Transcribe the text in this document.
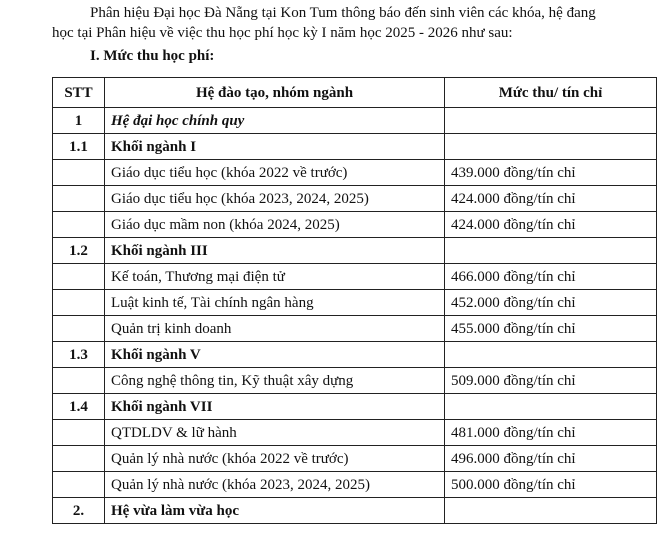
Phân hiệu Đại học Đà Nẵng tại Kon Tum thông báo đến sinh viên các khóa, hệ đang
học tại Phân hiệu về việc thu học phí học kỳ I năm học 2025 - 2026 như sau:
I. Mức thu học phí:
STT	Hệ đào tạo, nhóm ngành	Mức thu/ tín chỉ
1	Hệ đại học chính quy	
1.1	Khối ngành I	
	Giáo dục tiểu học (khóa 2022 về trước)	439.000 đồng/tín chỉ
	Giáo dục tiểu học (khóa 2023, 2024, 2025)	424.000 đồng/tín chỉ
	Giáo dục mầm non (khóa 2024, 2025)	424.000 đồng/tín chỉ
1.2	Khối ngành III	
	Kế toán, Thương mại điện tử	466.000 đồng/tín chỉ
	Luật kinh tế, Tài chính ngân hàng	452.000 đồng/tín chỉ
	Quản trị kinh doanh	455.000 đồng/tín chỉ
1.3	Khối ngành V	
	Công nghệ thông tin, Kỹ thuật xây dựng	509.000 đồng/tín chỉ
1.4	Khối ngành VII	
	QTDLDV & lữ hành	481.000 đồng/tín chỉ
	Quản lý nhà nước (khóa 2022 về trước)	496.000 đồng/tín chỉ
	Quản lý nhà nước (khóa 2023, 2024, 2025)	500.000 đồng/tín chỉ
2.	Hệ vừa làm vừa học	
